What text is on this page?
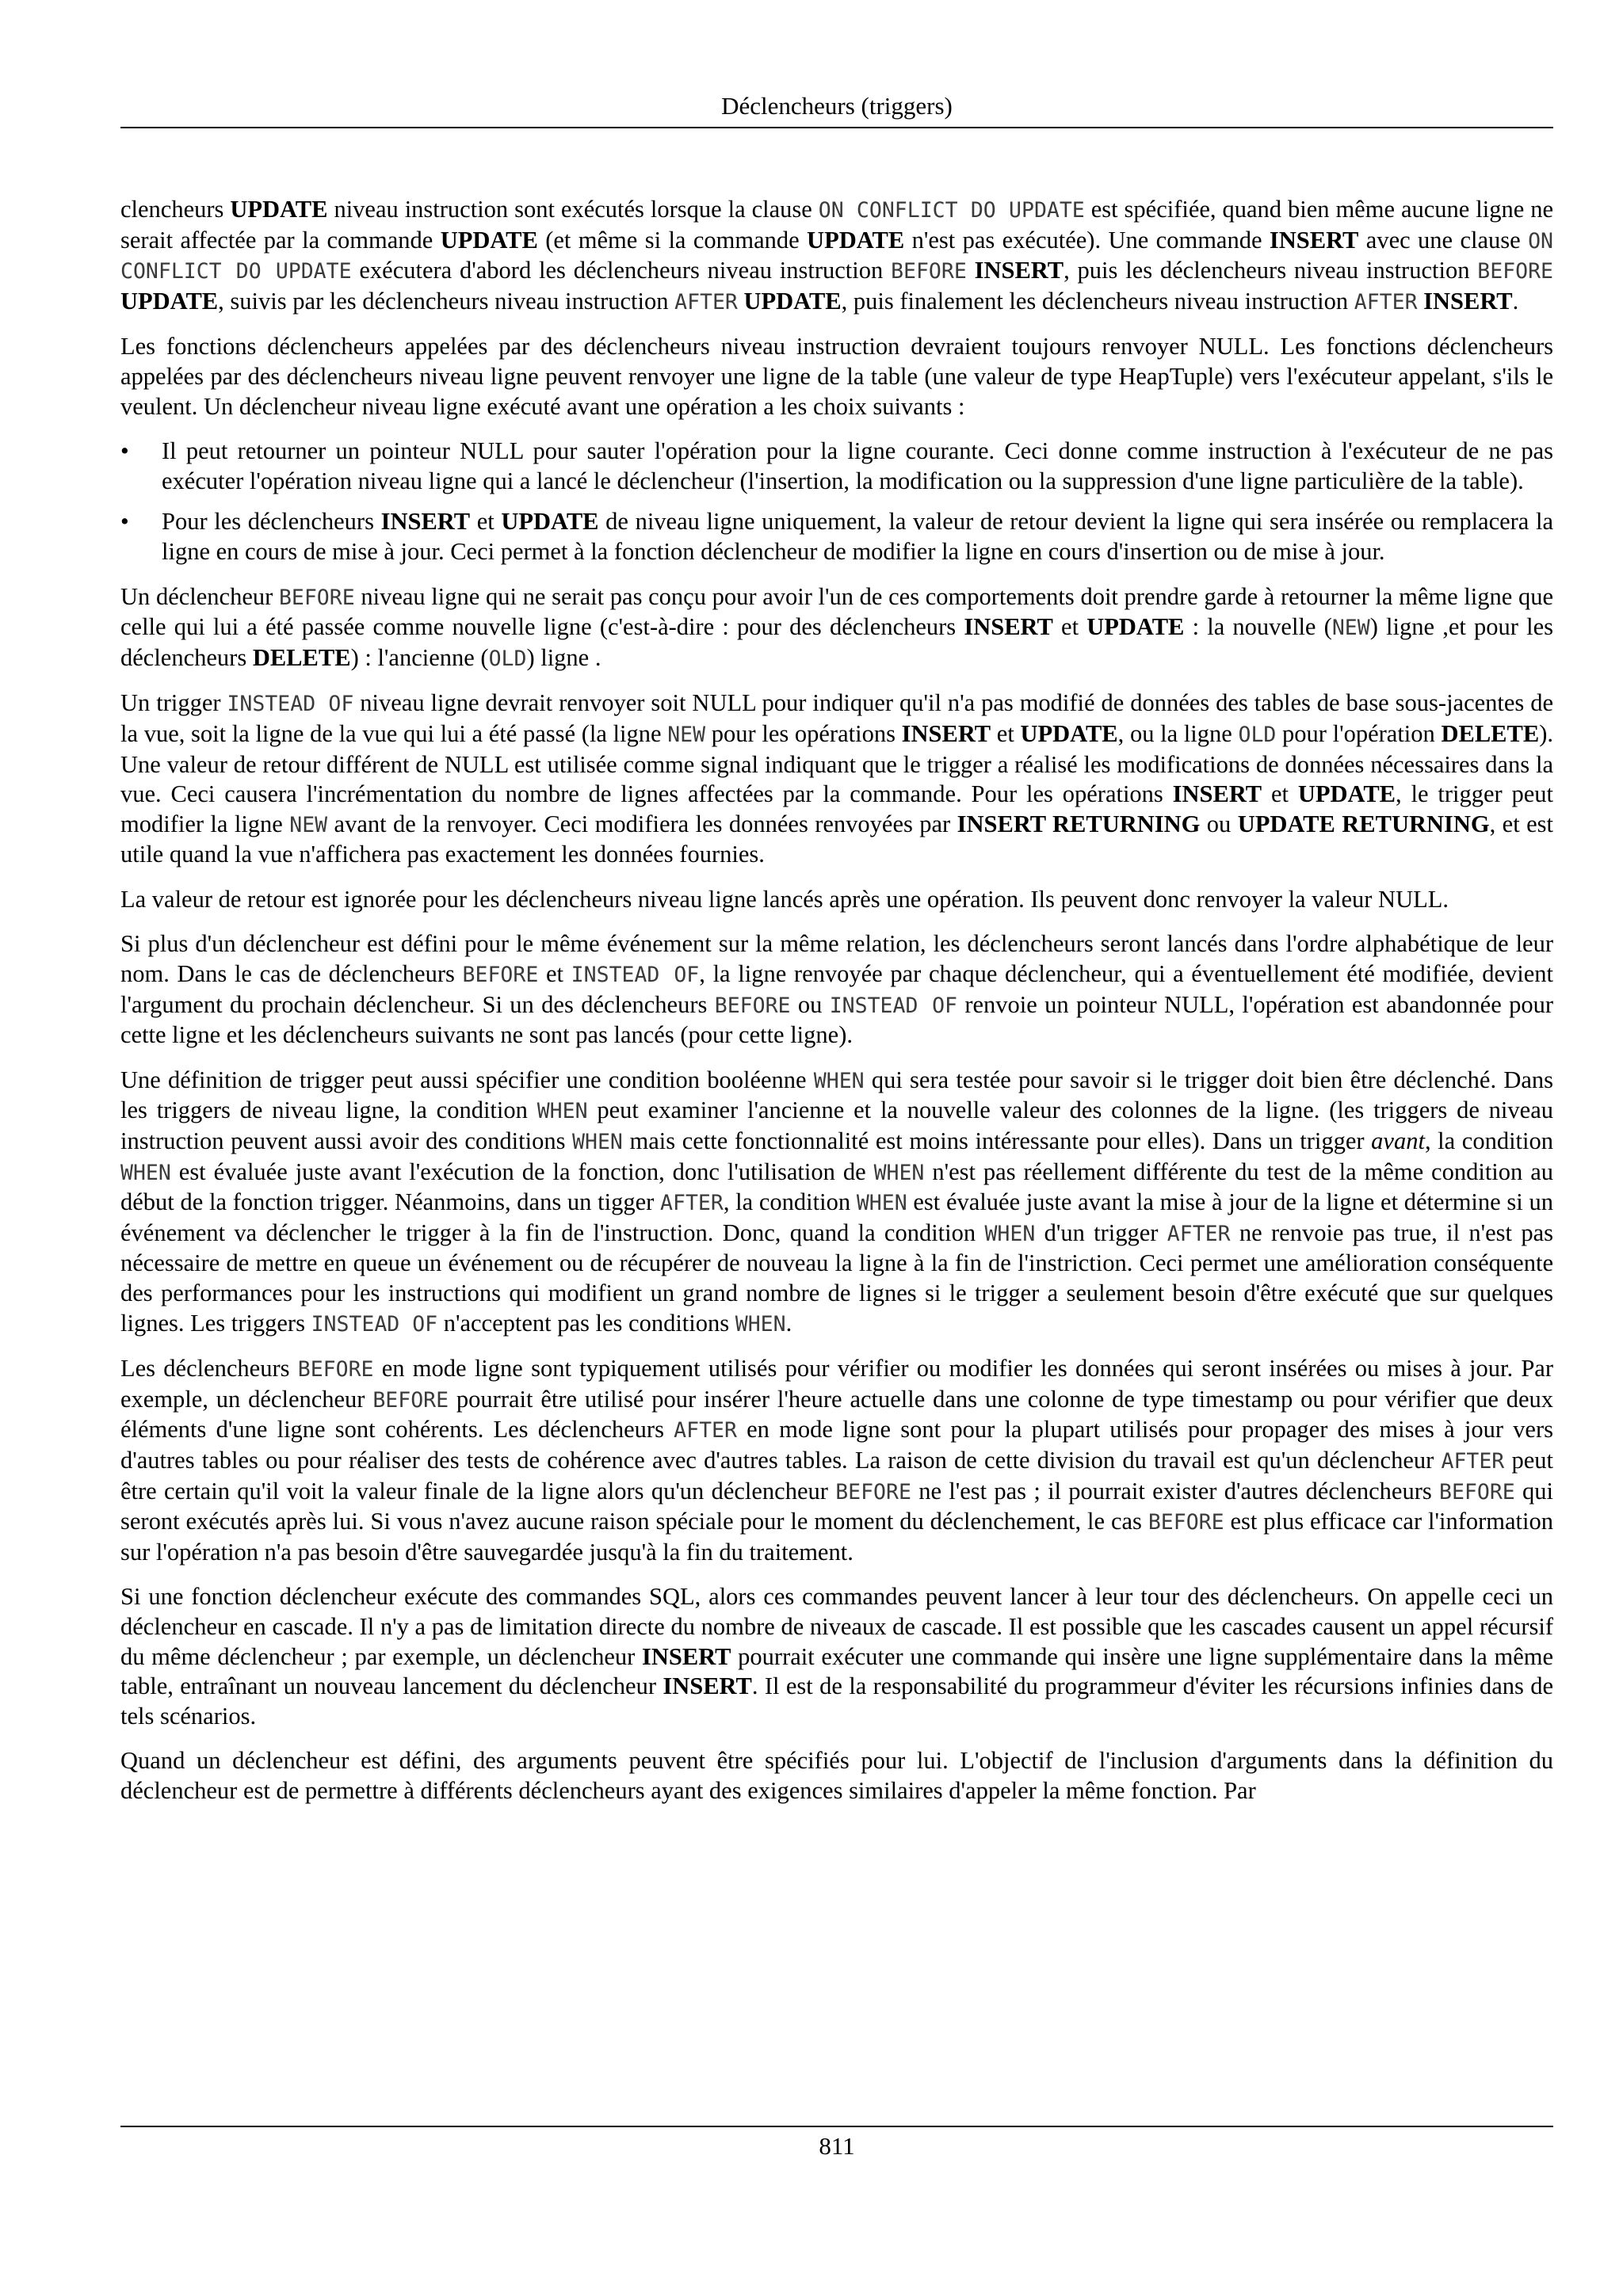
Déclencheurs (triggers)

clencheurs UPDATE niveau instruction sont exécutés lorsque la clause ON CONFLICT DO UPDATE est spécifiée, quand bien même aucune ligne ne serait affectée par la commande UPDATE (et même si la commande UPDATE n'est pas exécutée). Une commande INSERT avec une clause ON CONFLICT DO UPDATE exécutera d'abord les déclencheurs niveau instruction BEFORE INSERT, puis les déclencheurs niveau instruction BEFORE UPDATE, suivis par les déclencheurs niveau instruction AFTER UPDATE, puis finalement les déclencheurs niveau instruction AFTER INSERT.

Les fonctions déclencheurs appelées par des déclencheurs niveau instruction devraient toujours renvoyer NULL. Les fonctions déclencheurs appelées par des déclencheurs niveau ligne peuvent renvoyer une ligne de la table (une valeur de type HeapTuple) vers l'exécuteur appelant, s'ils le veulent. Un déclencheur niveau ligne exécuté avant une opération a les choix suivants :

• Il peut retourner un pointeur NULL pour sauter l'opération pour la ligne courante. Ceci donne comme instruction à l'exécuteur de ne pas exécuter l'opération niveau ligne qui a lancé le déclencheur (l'insertion, la modification ou la suppression d'une ligne particulière de la table).
• Pour les déclencheurs INSERT et UPDATE de niveau ligne uniquement, la valeur de retour devient la ligne qui sera insérée ou remplacera la ligne en cours de mise à jour. Ceci permet à la fonction déclencheur de modifier la ligne en cours d'insertion ou de mise à jour.

Un déclencheur BEFORE niveau ligne qui ne serait pas conçu pour avoir l'un de ces comportements doit prendre garde à retourner la même ligne que celle qui lui a été passée comme nouvelle ligne (c'est-à-dire : pour des déclencheurs INSERT et UPDATE : la nouvelle (NEW) ligne ,et pour les déclencheurs DELETE) : l'ancienne (OLD) ligne .

Un trigger INSTEAD OF niveau ligne devrait renvoyer soit NULL pour indiquer qu'il n'a pas modifié de données des tables de base sous-jacentes de la vue, soit la ligne de la vue qui lui a été passé (la ligne NEW pour les opérations INSERT et UPDATE, ou la ligne OLD pour l'opération DELETE). Une valeur de retour différent de NULL est utilisée comme signal indiquant que le trigger a réalisé les modifications de données nécessaires dans la vue. Ceci causera l'incrémentation du nombre de lignes affectées par la commande. Pour les opérations INSERT et UPDATE, le trigger peut modifier la ligne NEW avant de la renvoyer. Ceci modifiera les données renvoyées par INSERT RETURNING ou UPDATE RETURNING, et est utile quand la vue n'affichera pas exactement les données fournies.

La valeur de retour est ignorée pour les déclencheurs niveau ligne lancés après une opération. Ils peuvent donc renvoyer la valeur NULL.

Si plus d'un déclencheur est défini pour le même événement sur la même relation, les déclencheurs seront lancés dans l'ordre alphabétique de leur nom. Dans le cas de déclencheurs BEFORE et INSTEAD OF, la ligne renvoyée par chaque déclencheur, qui a éventuellement été modifiée, devient l'argument du prochain déclencheur. Si un des déclencheurs BEFORE ou INSTEAD OF renvoie un pointeur NULL, l'opération est abandonnée pour cette ligne et les déclencheurs suivants ne sont pas lancés (pour cette ligne).

Une définition de trigger peut aussi spécifier une condition booléenne WHEN qui sera testée pour savoir si le trigger doit bien être déclenché. Dans les triggers de niveau ligne, la condition WHEN peut examiner l'ancienne et la nouvelle valeur des colonnes de la ligne. (les triggers de niveau instruction peuvent aussi avoir des conditions WHEN mais cette fonctionnalité est moins intéressante pour elles). Dans un trigger avant, la condition WHEN est évaluée juste avant l'exécution de la fonction, donc l'utilisation de WHEN n'est pas réellement différente du test de la même condition au début de la fonction trigger. Néanmoins, dans un tigger AFTER, la condition WHEN est évaluée juste avant la mise à jour de la ligne et détermine si un événement va déclencher le trigger à la fin de l'instruction. Donc, quand la condition WHEN d'un trigger AFTER ne renvoie pas true, il n'est pas nécessaire de mettre en queue un événement ou de récupérer de nouveau la ligne à la fin de l'instriction. Ceci permet une amélioration conséquente des performances pour les instructions qui modifient un grand nombre de lignes si le trigger a seulement besoin d'être exécuté que sur quelques lignes. Les triggers INSTEAD OF n'acceptent pas les conditions WHEN.

Les déclencheurs BEFORE en mode ligne sont typiquement utilisés pour vérifier ou modifier les données qui seront insérées ou mises à jour. Par exemple, un déclencheur BEFORE pourrait être utilisé pour insérer l'heure actuelle dans une colonne de type timestamp ou pour vérifier que deux éléments d'une ligne sont cohérents. Les déclencheurs AFTER en mode ligne sont pour la plupart utilisés pour propager des mises à jour vers d'autres tables ou pour réaliser des tests de cohérence avec d'autres tables. La raison de cette division du travail est qu'un déclencheur AFTER peut être certain qu'il voit la valeur finale de la ligne alors qu'un déclencheur BEFORE ne l'est pas ; il pourrait exister d'autres déclencheurs BEFORE qui seront exécutés après lui. Si vous n'avez aucune raison spéciale pour le moment du déclenchement, le cas BEFORE est plus efficace car l'information sur l'opération n'a pas besoin d'être sauvegardée jusqu'à la fin du traitement.

Si une fonction déclencheur exécute des commandes SQL, alors ces commandes peuvent lancer à leur tour des déclencheurs. On appelle ceci un déclencheur en cascade. Il n'y a pas de limitation directe du nombre de niveaux de cascade. Il est possible que les cascades causent un appel récursif du même déclencheur ; par exemple, un déclencheur INSERT pourrait exécuter une commande qui insère une ligne supplémentaire dans la même table, entraînant un nouveau lancement du déclencheur INSERT. Il est de la responsabilité du programmeur d'éviter les récursions infinies dans de tels scénarios.

Quand un déclencheur est défini, des arguments peuvent être spécifiés pour lui. L'objectif de l'inclusion d'arguments dans la définition du déclencheur est de permettre à différents déclencheurs ayant des exigences similaires d'appeler la même fonction. Par

811
